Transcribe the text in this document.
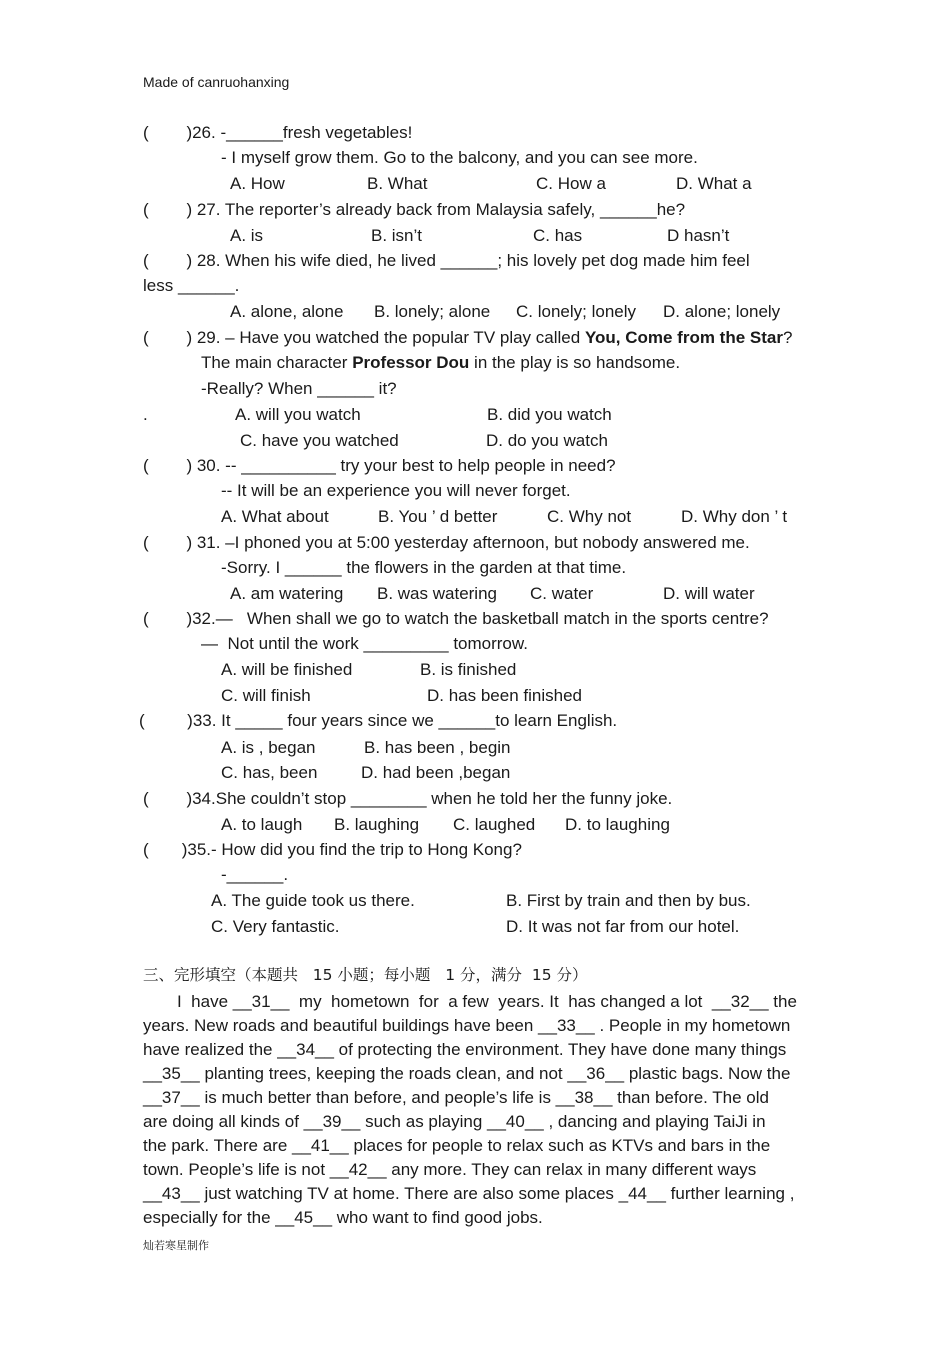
Made of canruohanxing
(        )26. -______fresh vegetables!
- I myself grow them. Go to the balcony, and you can see more.
A. How	B. What	C. How a	D. What a
(        ) 27. The reporter’s already back from Malaysia safely, ______he?
A. is	B. isn’t	C. has	D hasn’t
(        ) 28. When his wife died, he lived ______; his lovely pet dog made him feel
less ______.
A. alone, alone B. lonely; alone C. lonely; lonely D. alone; lonely
(        ) 29. – Have you watched the popular TV play called You, Come from the Star?
The main character Professor Dou in the play is so handsome.
-Really? When ______ it?
.	A. will you watch	B. did you watch
C. have you watched	D. do you watch
(        ) 30. -- __________ try your best to help people in need?
-- It will be an experience you will never forget.
A. What about	B. You ’ d better	C. Why not	D. Why don ’ t
(        ) 31. –I phoned you at 5:00 yesterday afternoon, but nobody answered me.
-Sorry. I ______ the flowers in the garden at that time.
A. am watering B. was watering C. water	D. will water
(        )32.—   When shall we go to watch the basketball match in the sports centre?
—  Not until the work _________ tomorrow.
A. will be finished	B. is finished
C. will finish	D. has been finished
(         )33. It _____ four years since we ______to learn English.
A. is , began	B. has been , begin
C. has, been	D. had been ,began
(        )34.She couldn’t stop ________ when he told her the funny joke.
A. to laugh B. laughing C. laughed D. to laughing
(       )35.- How did you find the trip to Hong Kong?
-______.
A. The guide took us there.	B. First by train and then by bus.
C. Very fantastic.	D. It was not far from our hotel.
三、完形填空（本题共   15 小题；每小题   1 分，满分  15 分）
I  have __31__  my  hometown  for  a few  years. It  has changed a lot  __32__ the
years. New roads and beautiful buildings have been __33__ . People in my hometown
have realized the __34__ of protecting the environment. They have done many things
__35__ planting trees, keeping the roads clean, and not __36__ plastic bags. Now the
__37__ is much better than before, and people’s life is __38__ than before. The old
are doing all kinds of __39__ such as playing __40__ , dancing and playing TaiJi in
the park. There are __41__ places for people to relax such as KTVs and bars in the
town. People’s life is not __42__ any more. They can relax in many different ways
__43__ just watching TV at home. There are also some places _44__ further learning ,
especially for the __45__ who want to find good jobs.
灿若寒星制作
